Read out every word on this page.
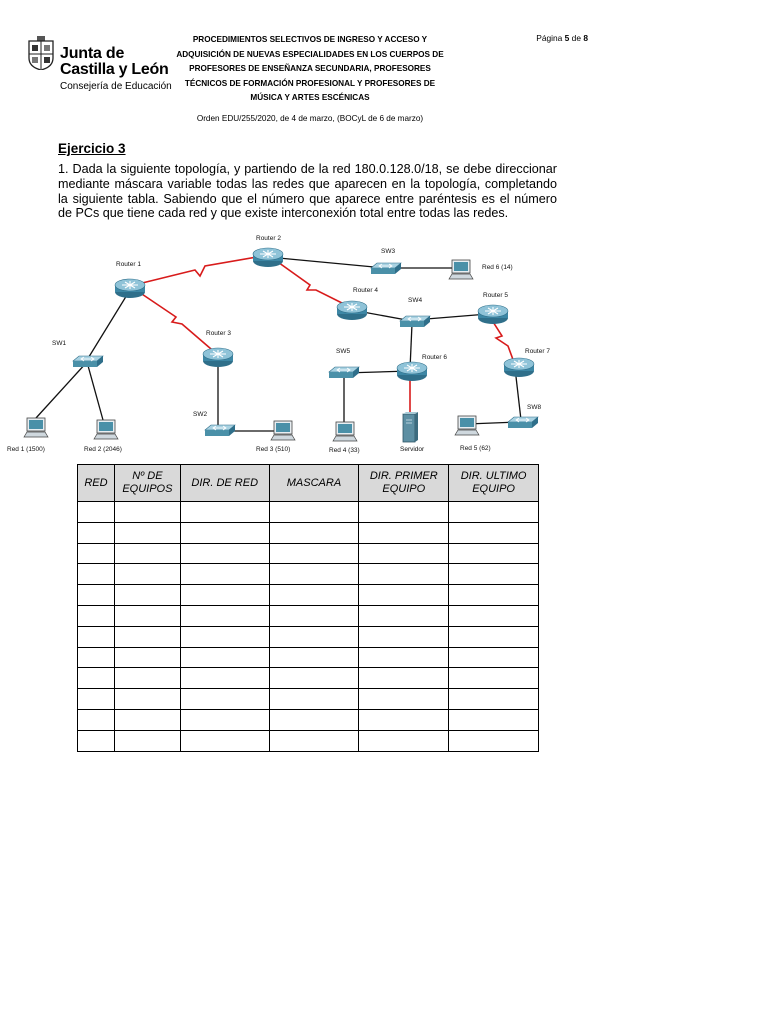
Junta de
Castilla y León
Consejería de Educación
PROCEDIMIENTOS SELECTIVOS DE INGRESO Y ACCESO Y
ADQUISICIÓN DE NUEVAS ESPECIALIDADES EN LOS CUERPOS DE
PROFESORES DE ENSEÑANZA SECUNDARIA, PROFESORES
TÉCNICOS DE FORMACIÓN PROFESIONAL Y PROFESORES DE
MÚSICA Y ARTES ESCÉNICAS
Página 5 de 8
Orden EDU/255/2020, de 4 de marzo, (BOCyL de 6 de marzo)
Ejercicio 3
1. Dada la siguiente topología, y partiendo de la red 180.0.128.0/18, se debe direccionar mediante máscara variable todas las redes que aparecen en la topología, completando la siguiente tabla. Sabiendo que el número que aparece entre paréntesis es el número de PCs que tiene cada red y que existe interconexión total entre todas las redes.
Router 1
Router 2
Router 3
Router 4
Router 5
Router 6
Router 7
SW1
SW2
SW3
SW4
SW5
SW8
Red 1 (1500)	Red 2 (2046)	Red 3 (510)	Red 4 (33)	Red 5 (62)
Red 6 (14)
Servidor
RED	Nº DE EQUIPOS	DIR. DE RED	MASCARA	DIR. PRIMER EQUIPO	DIR. ULTIMO EQUIPO
